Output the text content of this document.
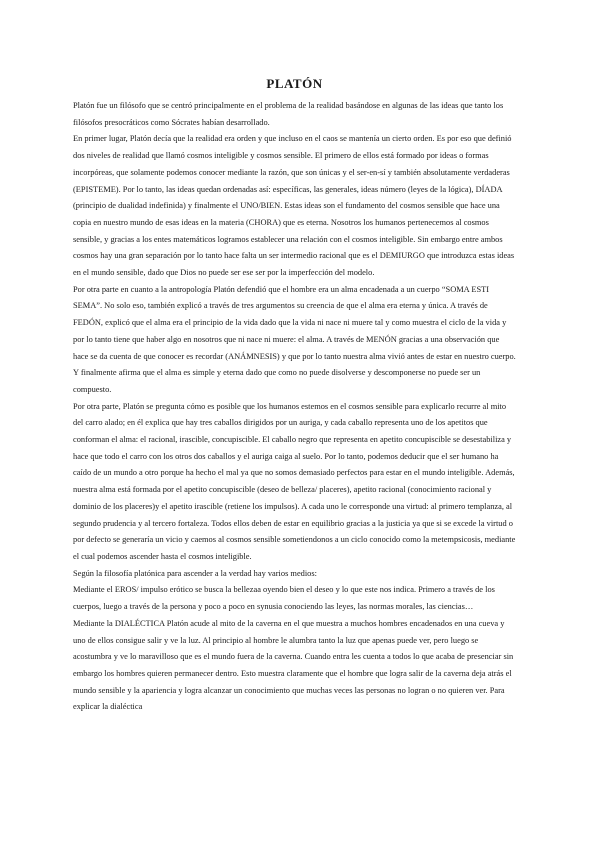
PLATÓN

Platón fue un filósofo que se centró principalmente en el problema de la realidad basándose en algunas de las ideas que tanto los filósofos presocráticos como Sócrates habían desarrollado.

En primer lugar, Platón decía que la realidad era orden y que incluso en el caos se mantenía un cierto orden. Es por eso que definió dos niveles de realidad que llamó cosmos inteligible y cosmos sensible. El primero de ellos está formado por ideas o formas incorpóreas, que solamente podemos conocer mediante la razón, que son únicas y el ser-en-sí y también absolutamente verdaderas (EPISTEME). Por lo tanto, las ideas quedan ordenadas así: específicas, las generales, ideas número (leyes de la lógica), DÍADA (principio de dualidad indefinida) y finalmente el UNO/BIEN. Estas ideas son el fundamento del cosmos sensible que hace una copia en nuestro mundo de esas ideas en la materia (CHORA) que es eterna. Nosotros los humanos pertenecemos al cosmos sensible, y gracias a los entes matemáticos logramos establecer una relación con el cosmos inteligible. Sin embargo entre ambos cosmos hay una gran separación por lo tanto hace falta un ser intermedio racional que es el DEMIURGO que introduzca estas ideas en el mundo sensible, dado que Dios no puede ser ese ser por la imperfección del modelo.

Por otra parte en cuanto a la antropología Platón defendió que el hombre era un alma encadenada a un cuerpo “SOMA ESTI SEMA”. No solo eso, también explicó a través de tres argumentos su creencia de que el alma era eterna y única. A través de FEDÓN, explicó que el alma era el principio de la vida dado que la vida ni nace ni muere tal y como muestra el ciclo de la vida y por lo tanto tiene que haber algo en nosotros que ni nace ni muere: el alma. A través de MENÓN gracias a una observación que hace se da cuenta de que conocer es recordar (ANÁMNESIS) y que por lo tanto nuestra alma vivió antes de estar en nuestro cuerpo. Y finalmente afirma que el alma es simple y eterna dado que como no puede disolverse y descomponerse no puede ser un compuesto.

Por otra parte, Platón se pregunta cómo es posible que los humanos estemos en el cosmos sensible para explicarlo recurre al mito del carro alado; en él explica que hay tres caballos dirigidos por un auriga, y cada caballo representa uno de los apetitos que conforman el alma: el racional, irascible, concupiscible. El caballo negro que representa en apetito concupiscible se desestabiliza y hace que todo el carro con los otros dos caballos y el auriga caiga al suelo. Por lo tanto, podemos deducir que el ser humano ha caído de un mundo a otro porque ha hecho el mal ya que no somos demasiado perfectos para estar en el mundo inteligible. Además, nuestra alma está formada por el apetito concupiscible (deseo de belleza/ placeres), apetito racional (conocimiento racional y dominio de los placeres)y el apetito irascible (retiene los impulsos). A cada uno le corresponde una virtud: al primero templanza, al segundo prudencia y al tercero fortaleza. Todos ellos deben de estar en equilibrio gracias a la justicia ya que si se excede la virtud o por defecto se generaría un vicio y caemos al cosmos sensible sometiendonos a un ciclo conocido como la metempsicosis, mediante el cual podemos ascender hasta el cosmos inteligible.

Según la filosofía platónica para ascender a la verdad hay varios medios:

Mediante el EROS/ impulso erótico se busca la bellezaa oyendo bien el deseo y lo que este nos indica. Primero a través de los cuerpos, luego a través de la persona y poco a poco en synusia conociendo las leyes, las normas morales, las ciencias…

Mediante la DIALÉCTICA Platón acude al mito de la caverna en el que muestra a muchos hombres encadenados en una cueva y uno de ellos consigue salir y ve la luz. Al principio al hombre le alumbra tanto la luz que apenas puede ver, pero luego se acostumbra y ve lo maravilloso que es el mundo fuera de la caverna. Cuando entra les cuenta a todos lo que acaba de presenciar sin embargo los hombres quieren permanecer dentro. Esto muestra claramente que el hombre que logra salir de la caverna deja atrás el mundo sensible y la apariencia y logra alcanzar un conocimiento que muchas veces las personas no logran o no quieren ver. Para explicar la dialéctica
